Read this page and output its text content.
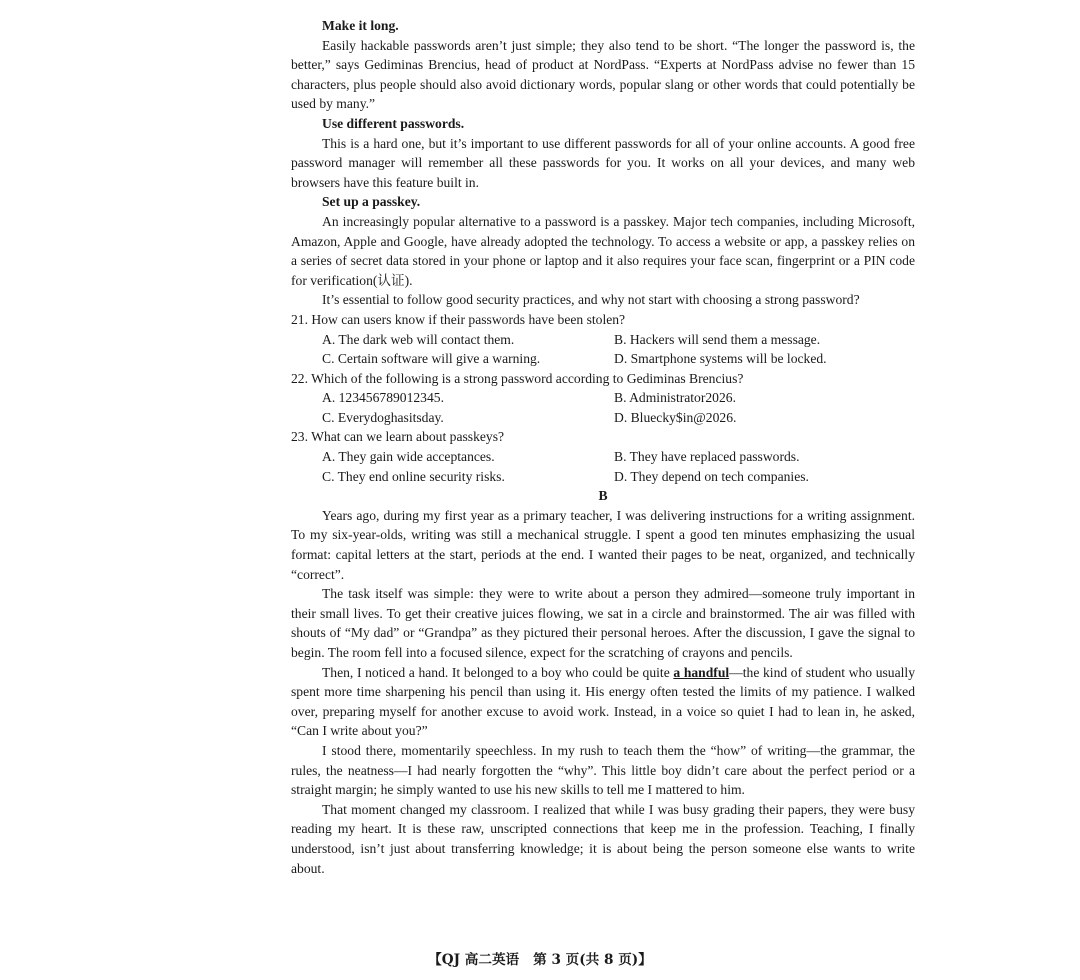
Make it long.

Easily hackable passwords aren’t just simple; they also tend to be short. “The longer the password is, the better,” says Gediminas Brencius, head of product at NordPass. “Experts at NordPass advise no fewer than 15 characters, plus people should also avoid dictionary words, popular slang or other words that could potentially be used by many.”

Use different passwords.

This is a hard one, but it’s important to use different passwords for all of your online accounts. A good free password manager will remember all these passwords for you. It works on all your devices, and many web browsers have this feature built in.

Set up a passkey.

An increasingly popular alternative to a password is a passkey. Major tech companies, including Microsoft, Amazon, Apple and Google, have already adopted the technology. To access a website or app, a passkey relies on a series of secret data stored in your phone or laptop and it also requires your face scan, fingerprint or a PIN code for verification(认证).

It’s essential to follow good security practices, and why not start with choosing a strong password?

21. How can users know if their passwords have been stolen?

A. The dark web will contact them.	B. Hackers will send them a message.
C. Certain software will give a warning.	D. Smartphone systems will be locked.

22. Which of the following is a strong password according to Gediminas Brencius?

A. 123456789012345.	B. Administrator2026.
C. Everydoghasitsday.	D. Bluecky$in@2026.

23. What can we learn about passkeys?

A. They gain wide acceptances.	B. They have replaced passwords.
C. They end online security risks.	D. They depend on tech companies.
B

Years ago, during my first year as a primary teacher, I was delivering instructions for a writing assignment. To my six-year-olds, writing was still a mechanical struggle. I spent a good ten minutes emphasizing the usual format: capital letters at the start, periods at the end. I wanted their pages to be neat, organized, and technically “correct”.

The task itself was simple: they were to write about a person they admired—someone truly important in their small lives. To get their creative juices flowing, we sat in a circle and brainstormed. The air was filled with shouts of “My dad” or “Grandpa” as they pictured their personal heroes. After the discussion, I gave the signal to begin. The room fell into a focused silence, expect for the scratching of crayons and pencils.

Then, I noticed a hand. It belonged to a boy who could be quite a handful—the kind of student who usually spent more time sharpening his pencil than using it. His energy often tested the limits of my patience. I walked over, preparing myself for another excuse to avoid work. Instead, in a voice so quiet I had to lean in, he asked, “Can I write about you?”

I stood there, momentarily speechless. In my rush to teach them the “how” of writing—the grammar, the rules, the neatness—I had nearly forgotten the “why”. This little boy didn’t care about the perfect period or a straight margin; he simply wanted to use his new skills to tell me I mattered to him.

That moment changed my classroom. I realized that while I was busy grading their papers, they were busy reading my heart. It is these raw, unscripted connections that keep me in the profession. Teaching, I finally understood, isn’t just about transferring knowledge; it is about being the person someone else wants to write about.

【QJ 高二英语 第 3 页(共 8 页)】
